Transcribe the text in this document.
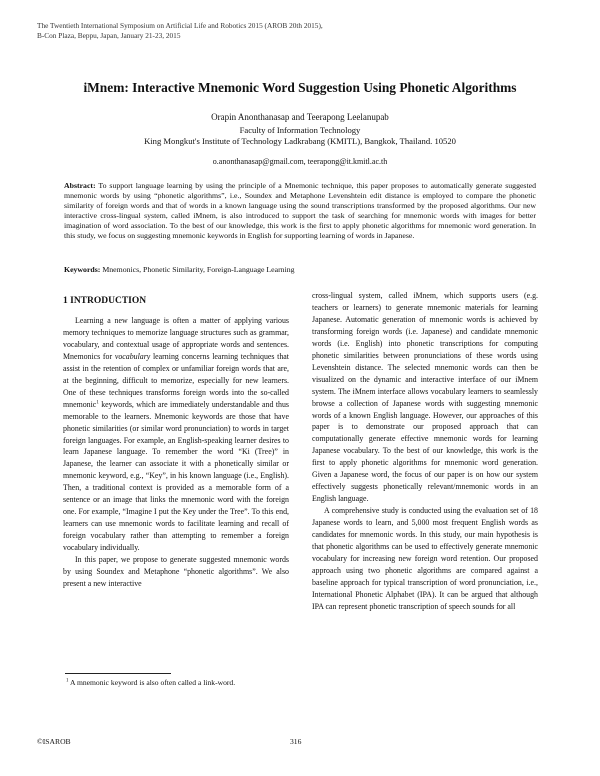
The Twentieth International Symposium on Artificial Life and Robotics 2015 (AROB 20th 2015),
B-Con Plaza, Beppu, Japan, January 21-23, 2015
iMnem: Interactive Mnemonic Word Suggestion Using Phonetic Algorithms
Orapin Anonthanasap and Teerapong Leelanupab
Faculty of Information Technology
King Mongkut's Institute of Technology Ladkrabang (KMITL), Bangkok, Thailand. 10520
o.anonthanasap@gmail.com, teerapong@it.kmitl.ac.th
Abstract: To support language learning by using the principle of a Mnemonic technique, this paper proposes to automatically generate suggested mnemonic words by using “phonetic algorithms”, i.e., Soundex and Metaphone Levenshtein edit distance is employed to compare the phonetic similarity of foreign words and that of words in a known language using the sound transcriptions transformed by the proposed algorithms. Our new interactive cross-lingual system, called iMnem, is also introduced to support the task of searching for mnemonic words with images for better imagination of word association. To the best of our knowledge, this work is the first to apply phonetic algorithms for mnemonic word generation. In this study, we focus on suggesting mnemonic keywords in English for supporting learning of words in Japanese.
Keywords: Mnemonics, Phonetic Similarity, Foreign-Language Learning
1 INTRODUCTION

Learning a new language is often a matter of applying various memory techniques to memorize language structures such as grammar, vocabulary, and contextual usage of appropriate words and sentences. Mnemonics for vocabulary learning concerns learning techniques that assist in the retention of complex or unfamiliar foreign words that are, at the beginning, difficult to memorize, especially for new learners. One of these techniques transforms foreign words into the so-called mnemonic$^1$ keywords, which are immediately understandable and thus memorable to the learners. Mnemonic keywords are those that have phonetic similarities (or similar word pronunciation) to words in target foreign languages. For example, an English-speaking learner desires to learn Japanese language. To remember the word “Ki (Tree)” in Japanese, the learner can associate it with a phonetically similar or mnemonic keyword, e.g., “Key”, in his known language (i.e., English). Then, a traditional context is provided as a memorable form of a sentence or an image that links the mnemonic word with the foreign one. For example, “Imagine I put the Key under the Tree”. To this end, learners can use mnemonic words to facilitate learning and recall of foreign vocabulary rather than attempting to remember a foreign vocabulary individually.

In this paper, we propose to generate suggested mnemonic words by using Soundex and Metaphone “phonetic algorithms”. We also present a new interactive

cross-lingual system, called iMnem, which supports users (e.g. teachers or learners) to generate mnemonic materials for learning Japanese. Automatic generation of mnemonic words is achieved by transforming foreign words (i.e. Japanese) and candidate mnemonic words (i.e. English) into phonetic transcriptions for computing phonetic similarities between pronunciations of these words using Levenshtein distance. The selected mnemonic words can then be visualized on the dynamic and interactive interface of our iMnem system. The iMnem interface allows vocabulary learners to seamlessly browse a collection of Japanese words with suggesting mnemonic words of a known English language. However, our approaches of this paper is to demonstrate our proposed approach that can computationally generate effective mnemonic words for learning Japanese vocabulary. To the best of our knowledge, this work is the first to apply phonetic algorithms for mnemonic word generation. Given a Japanese word, the focus of our paper is on how our system effectively suggests phonetically relevant/mnemonic words in an English language.

A comprehensive study is conducted using the evaluation set of 18 Japanese words to learn, and 5,000 most frequent English words as candidates for mnemonic words. In this study, our main hypothesis is that phonetic algorithms can be used to effectively generate mnemonic vocabulary for increasing new foreign word retention. Our proposed approach using two phonetic algorithms are compared against a baseline approach for typical transcription of word pronunciation, i.e., International Phonetic Alphabet (IPA). It can be argued that although IPA can represent phonetic transcription of speech sounds for all

$^1$ A mnemonic keyword is also often called a link-word.
©ISAROB	316
